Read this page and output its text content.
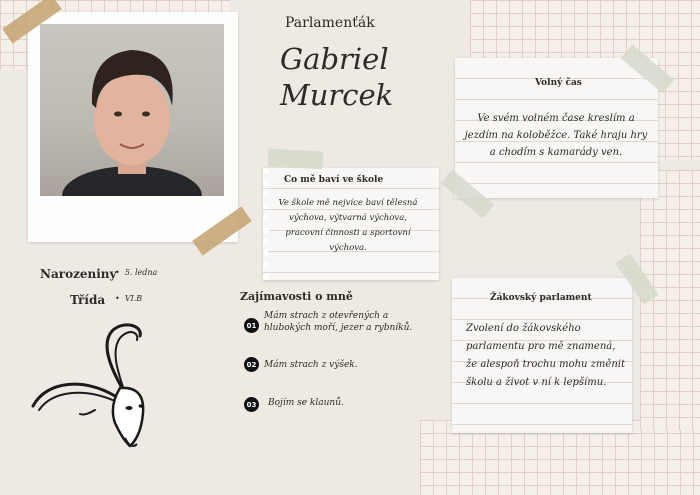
Parlamenťák
Gabriel
Murcek
Narozeniny
•  5. ledna
Třída •  VI.B
Co mě baví ve škole
Ve škole mě nejvíce baví tělesná výchova, výtvarná výchova, pracovní činnosti a sportovní výchova.
Volný čas
Ve svém volném čase kreslím a jezdím na koloběžce. Také hraju hry a chodím s kamarády ven.
Žákovský parlament
Zvolení do žákovského parlamentu pro mě znamená, že alespoň trochu mohu změnit školu a život v ní k lepšímu.
Zajímavosti o mně
01
Mám strach z otevřených a hlubokých moří, jezer a rybníků.
02 Mám strach z výšek.
03 Bojím se klaunů.
